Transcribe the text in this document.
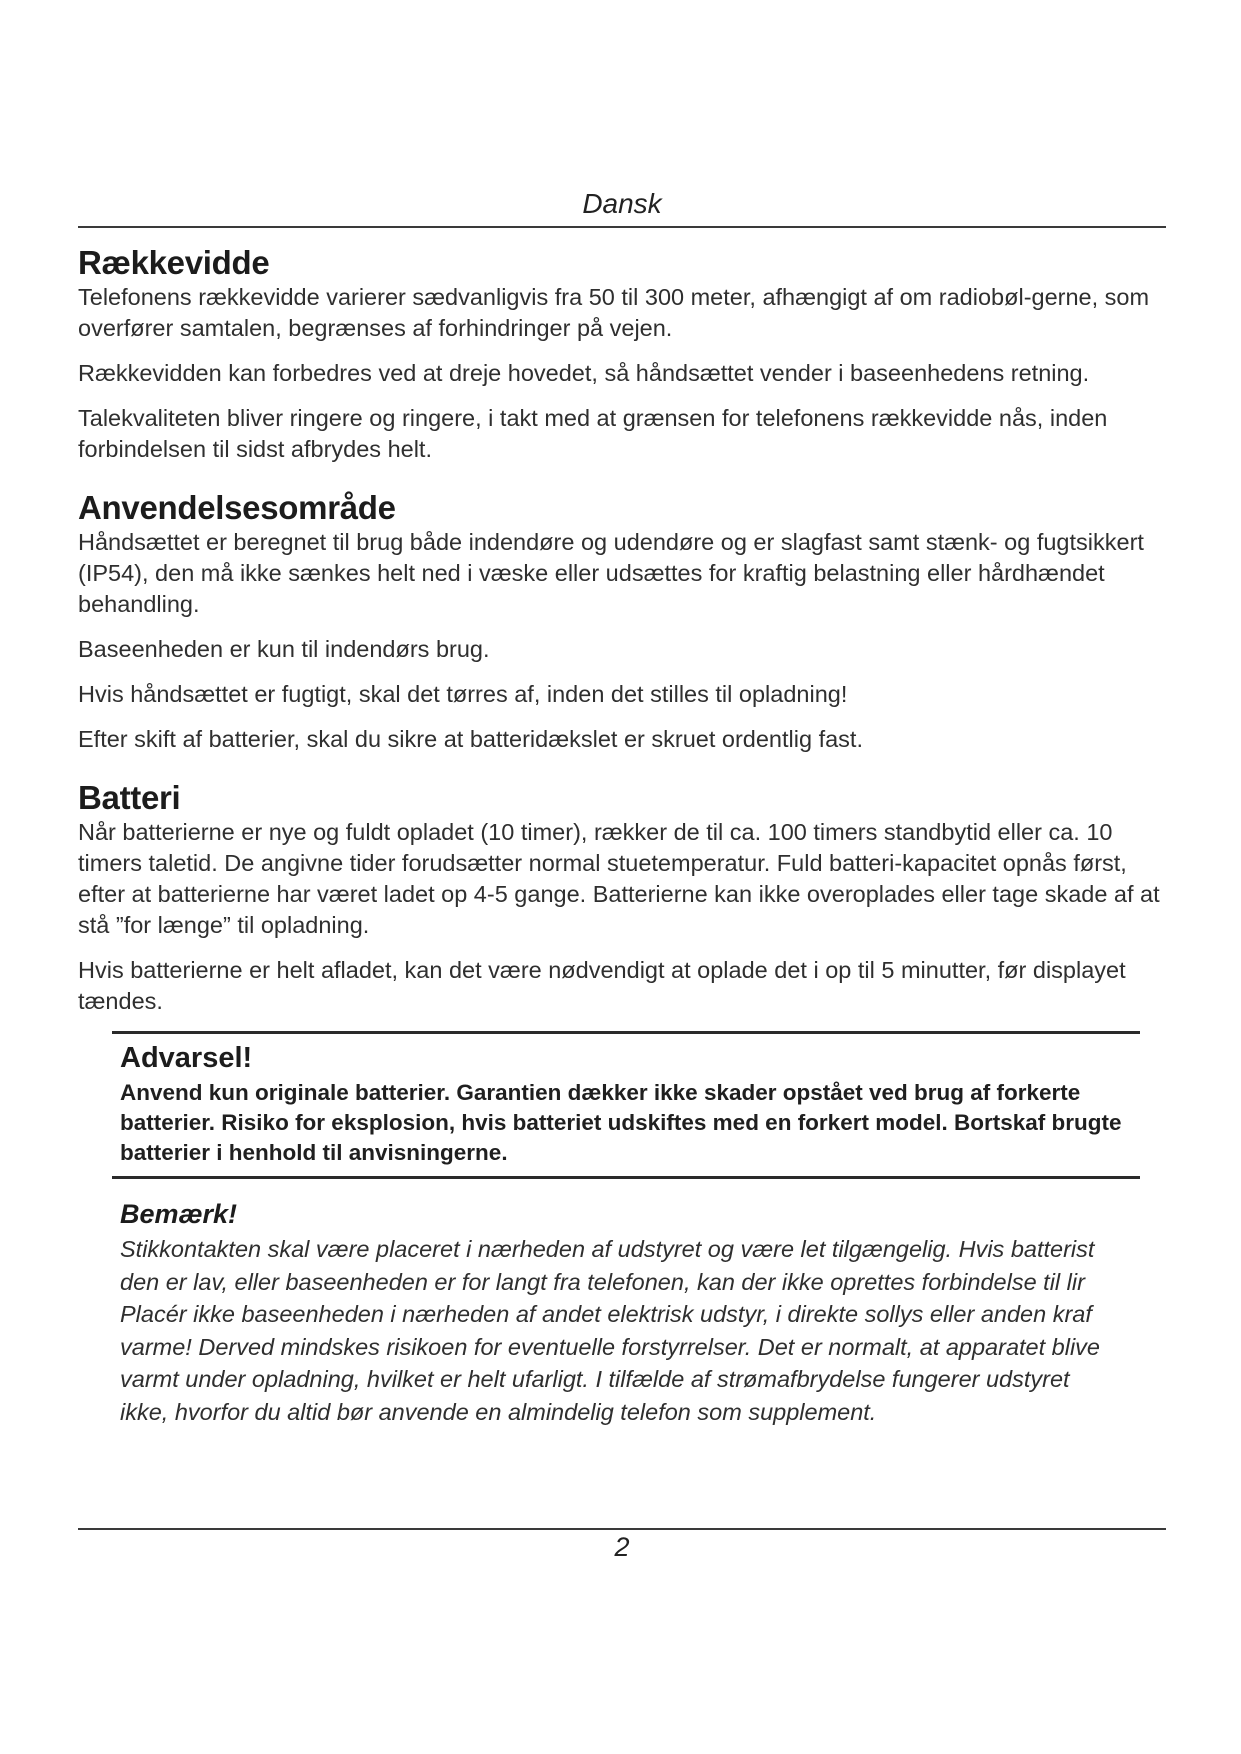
Dansk
Rækkevidde

Telefonens rækkevidde varierer sædvanligvis fra 50 til 300 meter, afhængigt af om radiobøl-gerne, som overfører samtalen, begrænses af forhindringer på vejen.

Rækkevidden kan forbedres ved at dreje hovedet, så håndsættet vender i baseenhedens retning.

Talekvaliteten bliver ringere og ringere, i takt med at grænsen for telefonens rækkevidde nås, inden forbindelsen til sidst afbrydes helt.

Anvendelsesområde

Håndsættet er beregnet til brug både indendøre og udendøre og er slagfast samt stænk- og fugtsikkert (IP54), den må ikke sænkes helt ned i væske eller udsættes for kraftig belastning eller hårdhændet behandling.

Baseenheden er kun til indendørs brug.

Hvis håndsættet er fugtigt, skal det tørres af, inden det stilles til opladning!

Efter skift af batterier, skal du sikre at batteridækslet er skruet ordentlig fast.

Batteri

Når batterierne er nye og fuldt opladet (10 timer), rækker de til ca. 100 timers standbytid eller ca. 10 timers taletid. De angivne tider forudsætter normal stuetemperatur. Fuld batteri-kapacitet opnås først, efter at batterierne har været ladet op 4-5 gange. Batterierne kan ikke overoplades eller tage skade af at stå ”for længe” til opladning.

Hvis batterierne er helt afladet, kan det være nødvendigt at oplade det i op til 5 minutter, før displayet tændes.

Advarsel!
Anvend kun originale batterier. Garantien dækker ikke skader opstået ved brug af forkerte batterier. Risiko for eksplosion, hvis batteriet udskiftes med en forkert model. Bortskaf brugte batterier i henhold til anvisningerne.
Bemærk!
Stikkontakten skal være placeret i nærheden af udstyret og være let tilgængelig. Hvis batterist
den er lav, eller baseenheden er for langt fra telefonen, kan der ikke oprettes forbindelse til lir
Placér ikke baseenheden i nærheden af andet elektrisk udstyr, i direkte sollys eller anden kraf
varme! Derved mindskes risikoen for eventuelle forstyrrelser. Det er normalt, at apparatet blive
varmt under opladning, hvilket er helt ufarligt. I tilfælde af strømafbrydelse fungerer udstyret
ikke, hvorfor du altid bør anvende en almindelig telefon som supplement.
2
